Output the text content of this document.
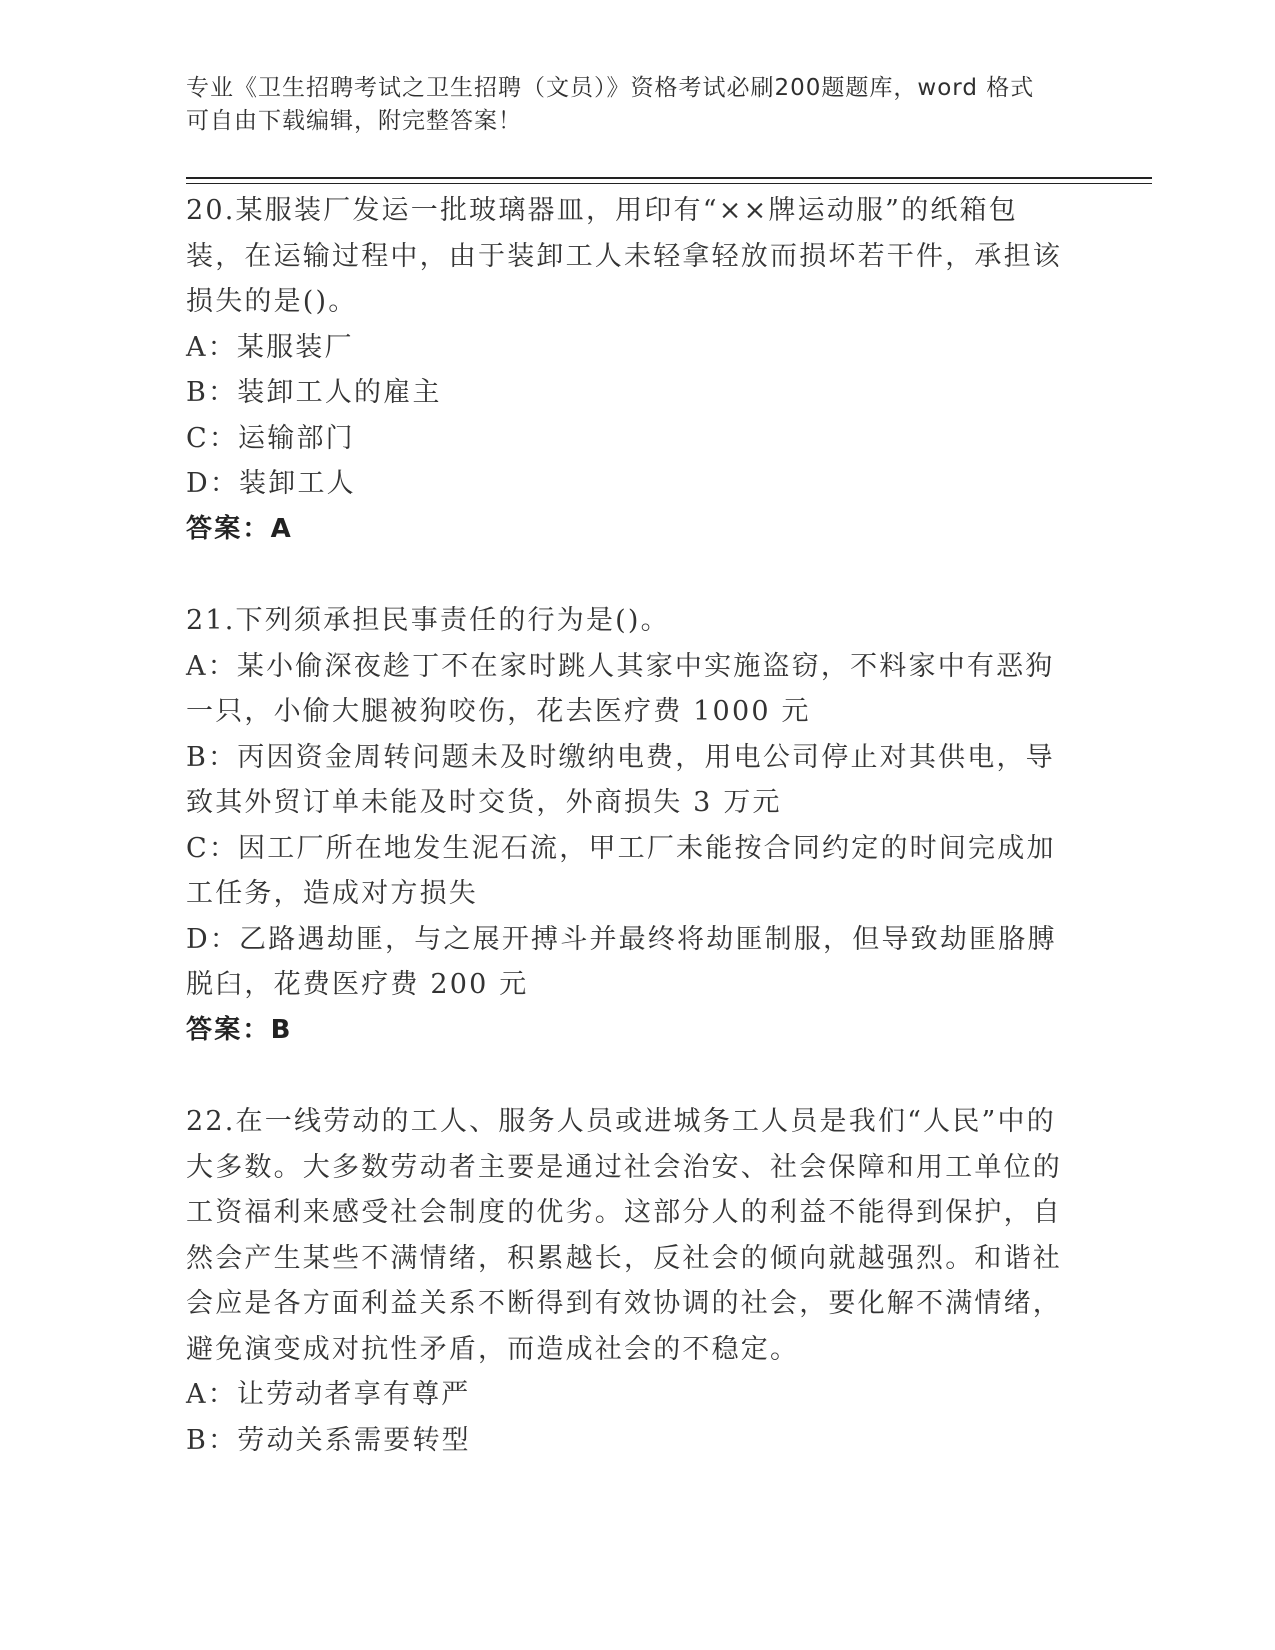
专业《卫生招聘考试之卫生招聘（文员）》资格考试必刷200题题库，word 格式
可自由下载编辑，附完整答案！

20.某服装厂发运一批玻璃器皿，用印有“××牌运动服”的纸箱包装，在运输过程中，由于装卸工人未轻拿轻放而损坏若干件，承担该损失的是()。

A：某服装厂

B：装卸工人的雇主

C：运输部门

D：装卸工人

答案：A

21.下列须承担民事责任的行为是()。

A：某小偷深夜趁丁不在家时跳人其家中实施盗窃，不料家中有恶狗一只，小偷大腿被狗咬伤，花去医疗费 1000 元

B：丙因资金周转问题未及时缴纳电费，用电公司停止对其供电，导致其外贸订单未能及时交货，外商损失 3 万元

C：因工厂所在地发生泥石流，甲工厂未能按合同约定的时间完成加工任务，造成对方损失

D：乙路遇劫匪，与之展开搏斗并最终将劫匪制服，但导致劫匪胳膊脱臼，花费医疗费 200 元

答案：B

22.在一线劳动的工人、服务人员或进城务工人员是我们“人民”中的大多数。大多数劳动者主要是通过社会治安、社会保障和用工单位的工资福利来感受社会制度的优劣。这部分人的利益不能得到保护，自然会产生某些不满情绪，积累越长，反社会的倾向就越强烈。和谐社会应是各方面利益关系不断得到有效协调的社会，要化解不满情绪，避免演变成对抗性矛盾，而造成社会的不稳定。

A：让劳动者享有尊严

B：劳动关系需要转型
